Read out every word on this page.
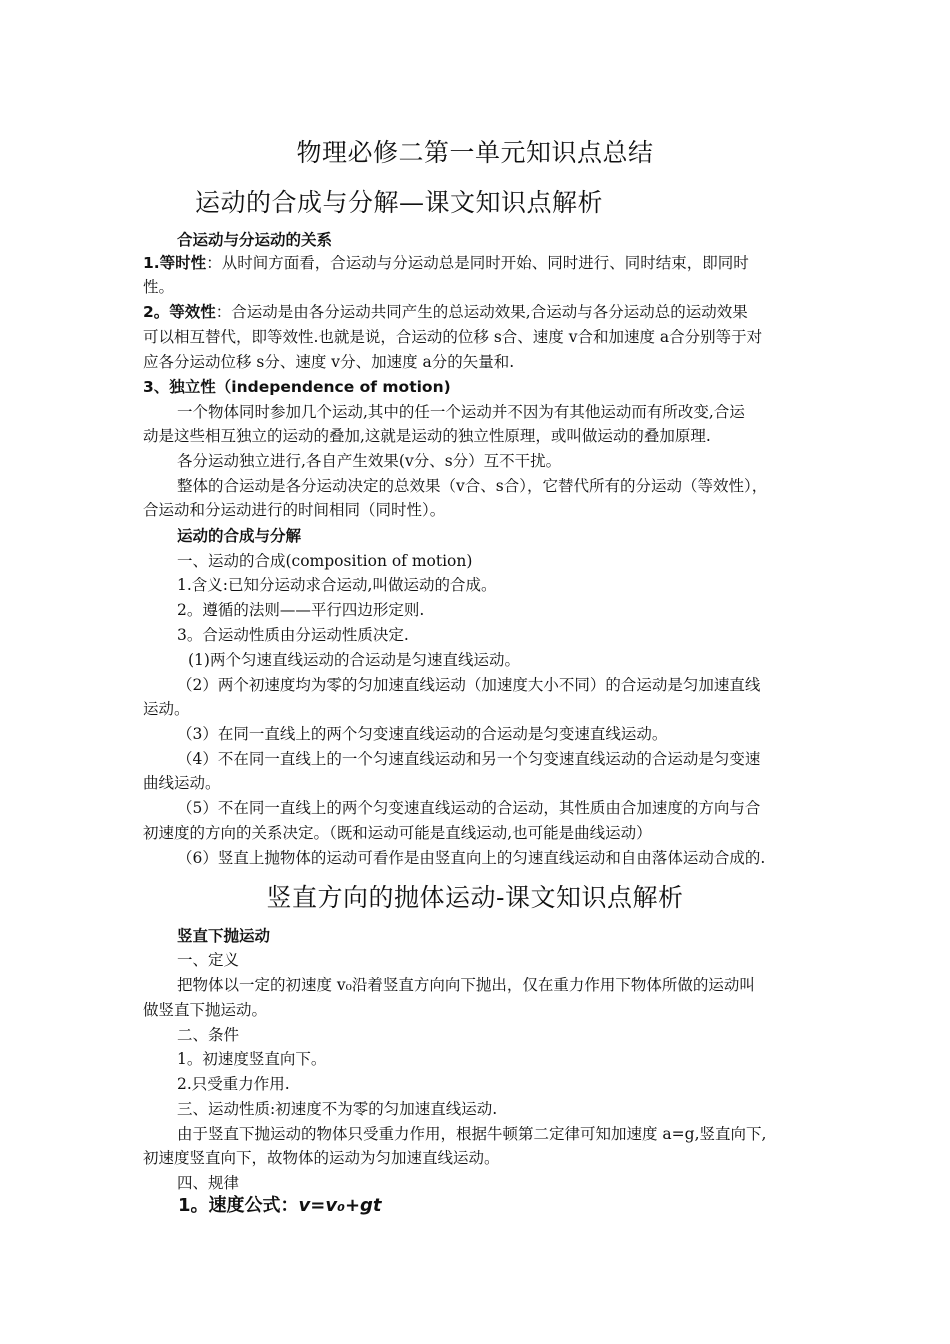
物理必修二第一单元知识点总结
运动的合成与分解—课文知识点解析
合运动与分运动的关系
1.等时性：从时间方面看，合运动与分运动总是同时开始、同时进行、同时结束，即同时
性。
2。等效性：合运动是由各分运动共同产生的总运动效果,合运动与各分运动总的运动效果
可以相互替代，即等效性.也就是说，合运动的位移 s合、速度 v合和加速度 a合分别等于对
应各分运动位移 s分、速度 v分、加速度 a分的矢量和.
3、独立性（independence of motion)
一个物体同时参加几个运动,其中的任一个运动并不因为有其他运动而有所改变,合运
动是这些相互独立的运动的叠加,这就是运动的独立性原理，或叫做运动的叠加原理.
各分运动独立进行,各自产生效果(v分、s分）互不干扰。
整体的合运动是各分运动决定的总效果（v合、s合），它替代所有的分运动（等效性），
合运动和分运动进行的时间相同（同时性）。
运动的合成与分解
一、运动的合成(composition of motion)
1.含义:已知分运动求合运动,叫做运动的合成。
2。遵循的法则——平行四边形定则.
3。合运动性质由分运动性质决定.
(1)两个匀速直线运动的合运动是匀速直线运动。
（2）两个初速度均为零的匀加速直线运动（加速度大小不同）的合运动是匀加速直线
运动。
（3）在同一直线上的两个匀变速直线运动的合运动是匀变速直线运动。
（4）不在同一直线上的一个匀速直线运动和另一个匀变速直线运动的合运动是匀变速
曲线运动。
（5）不在同一直线上的两个匀变速直线运动的合运动，其性质由合加速度的方向与合
初速度的方向的关系决定。（既和运动可能是直线运动,也可能是曲线运动）
（6）竖直上抛物体的运动可看作是由竖直向上的匀速直线运动和自由落体运动合成的.
竖直方向的抛体运动-课文知识点解析
竖直下抛运动
一、定义
把物体以一定的初速度 v₀沿着竖直方向向下抛出，仅在重力作用下物体所做的运动叫
做竖直下抛运动。
二、条件
1。初速度竖直向下。
2.只受重力作用.
三、运动性质:初速度不为零的匀加速直线运动.
由于竖直下抛运动的物体只受重力作用，根据牛顿第二定律可知加速度 a=g,竖直向下,
初速度竖直向下，故物体的运动为匀加速直线运动。
四、规律
1。速度公式：v=v₀+gt
